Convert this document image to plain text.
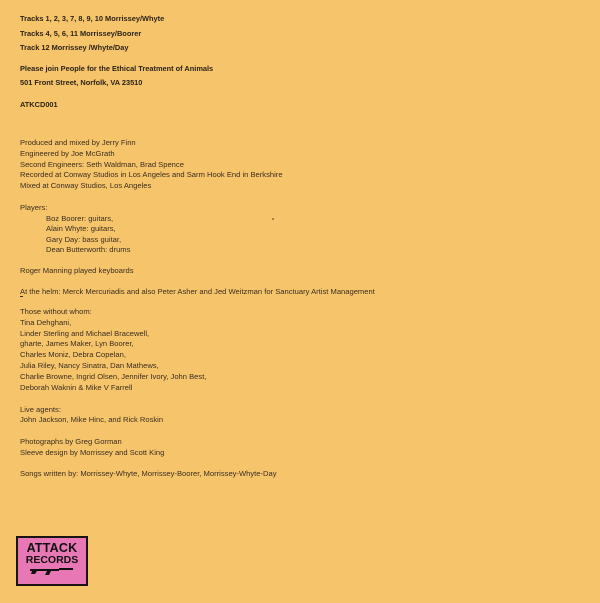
Tracks 1, 2, 3, 7, 8, 9, 10 Morrissey/Whyte
Tracks 4, 5, 6, 11 Morrissey/Boorer
Track 12 Morrissey /Whyte/Day
Please join People for the Ethical Treatment of Animals
501 Front Street, Norfolk, VA 23510
ATKCD001
Produced and mixed by Jerry Finn
Engineered by Joe McGrath
Second Engineers: Seth Waldman, Brad Spence
Recorded at Conway Studios in Los Angeles and Sarm Hook End in Berkshire
Mixed at Conway Studios, Los Angeles
Players:
Boz Boorer: guitars,
Alain Whyte: guitars,
Gary Day: bass guitar,
Dean Butterworth: drums
Roger Manning played keyboards
At the helm: Merck Mercuriadis and also Peter Asher and Jed Weitzman for Sanctuary Artist Management
Those without whom:
Tina Dehghani,
Linder Sterling and Michael Bracewell,
gharte, James Maker, Lyn Boorer,
Charles Moniz, Debra Copelan,
Julia Riley, Nancy Sinatra, Dan Mathews,
Charlie Browne, Ingrid Olsen, Jennifer Ivory, John Best,
Deborah Waknin & Mike V Farrell
Live agents:
John Jackson, Mike Hinc, and Rick Roskin
Photographs by Greg Gorman
Sleeve design by Morrissey and Scott King
Songs written by: Morrissey-Whyte, Morrissey-Boorer, Morrissey-Whyte-Day
ATTACK
RECORDS
